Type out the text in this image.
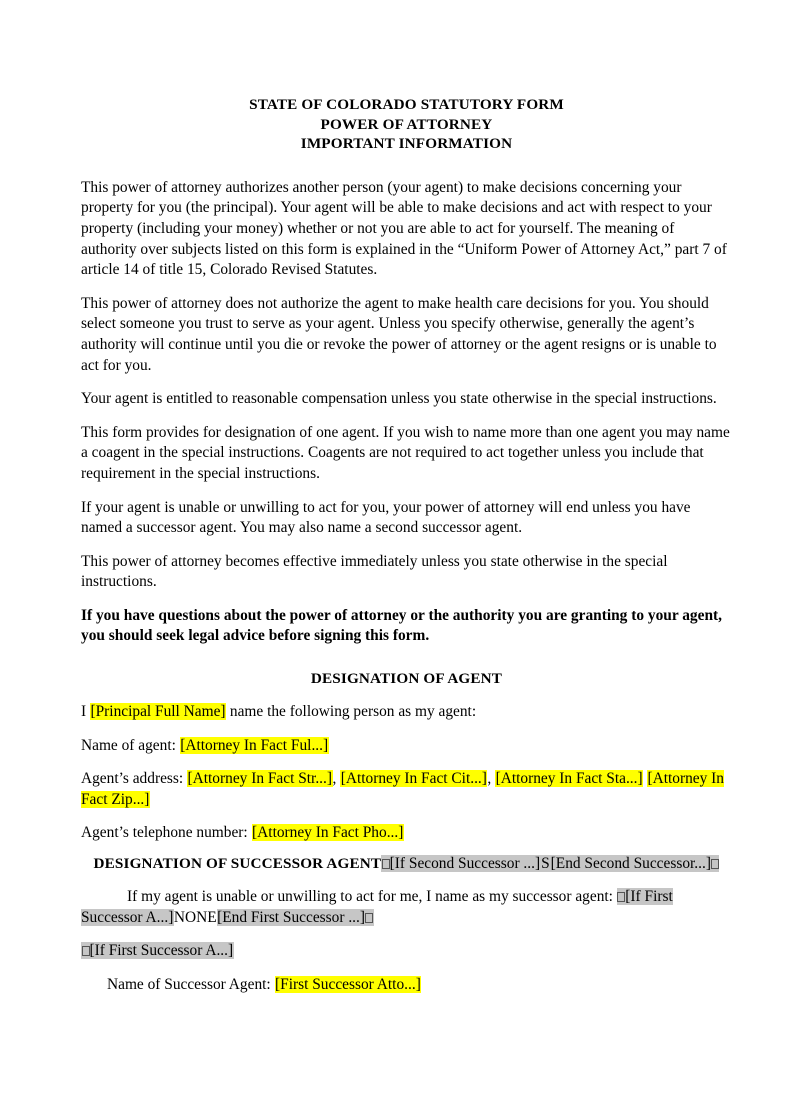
STATE OF COLORADO STATUTORY FORM
POWER OF ATTORNEY
IMPORTANT INFORMATION

This power of attorney authorizes another person (your agent) to make decisions concerning your property for you (the principal). Your agent will be able to make decisions and act with respect to your property (including your money) whether or not you are able to act for yourself. The meaning of authority over subjects listed on this form is explained in the “Uniform Power of Attorney Act,” part 7 of article 14 of title 15, Colorado Revised Statutes.

This power of attorney does not authorize the agent to make health care decisions for you. You should select someone you trust to serve as your agent. Unless you specify otherwise, generally the agent’s authority will continue until you die or revoke the power of attorney or the agent resigns or is unable to act for you.

Your agent is entitled to reasonable compensation unless you state otherwise in the special instructions.

This form provides for designation of one agent. If you wish to name more than one agent you may name a coagent in the special instructions. Coagents are not required to act together unless you include that requirement in the special instructions.

If your agent is unable or unwilling to act for you, your power of attorney will end unless you have named a successor agent. You may also name a second successor agent.

This power of attorney becomes effective immediately unless you state otherwise in the special instructions.

If you have questions about the power of attorney or the authority you are granting to your agent, you should seek legal advice before signing this form.

DESIGNATION OF AGENT

I [Principal Full Name] name the following person as my agent:

Name of agent: [Attorney In Fact Ful...]

Agent’s address: [Attorney In Fact Str...], [Attorney In Fact Cit...], [Attorney In Fact Sta...] [Attorney In Fact Zip...]

Agent’s telephone number: [Attorney In Fact Pho...]

DESIGNATION OF SUCCESSOR AGENT [If Second Successor ...]S[End Second Successor...]

If my agent is unable or unwilling to act for me, I name as my successor agent: [If First Successor A...]NONE[End First Successor ...]

[If First Successor A...]

Name of Successor Agent: [First Successor Atto...]
